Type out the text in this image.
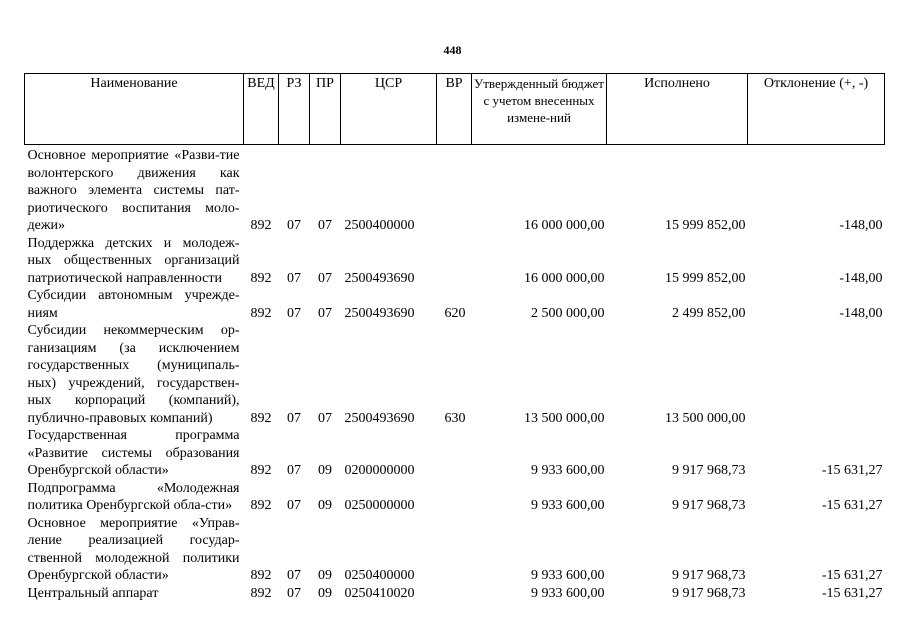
448
Наименование	ВЕД	РЗ	ПР	ЦСР	ВР	Утвержденный бюджет с учетом внесенных измене-ний	Исполнено	Отклонение (+, -)
Основное мероприятие «Разви-тие волонтерского движения как важного элемента системы пат-риотического воспитания моло-дежи»	892	07	07	2500400000		16 000 000,00	15 999 852,00	-148,00
Поддержка детских и молодеж-ных общественных организаций патриотической направленности	892	07	07	2500493690		16 000 000,00	15 999 852,00	-148,00
Субсидии автономным учрежде-ниям	892	07	07	2500493690	620	2 500 000,00	2 499 852,00	-148,00
Субсидии некоммерческим ор-ганизациям (за исключением государственных (муниципаль-ных) учреждений, государствен-ных корпораций (компаний), публично-правовых компаний)	892	07	07	2500493690	630	13 500 000,00	13 500 000,00	
Государственная программа «Развитие системы образования Оренбургской области»	892	07	09	0200000000		9 933 600,00	9 917 968,73	-15 631,27
Подпрограмма «Молодежная политика Оренбургской обла-сти»	892	07	09	0250000000		9 933 600,00	9 917 968,73	-15 631,27
Основное мероприятие «Управ-ление реализацией государ-ственной молодежной политики Оренбургской области»	892	07	09	0250400000		9 933 600,00	9 917 968,73	-15 631,27
Центральный аппарат	892	07	09	0250410020		9 933 600,00	9 917 968,73	-15 631,27
